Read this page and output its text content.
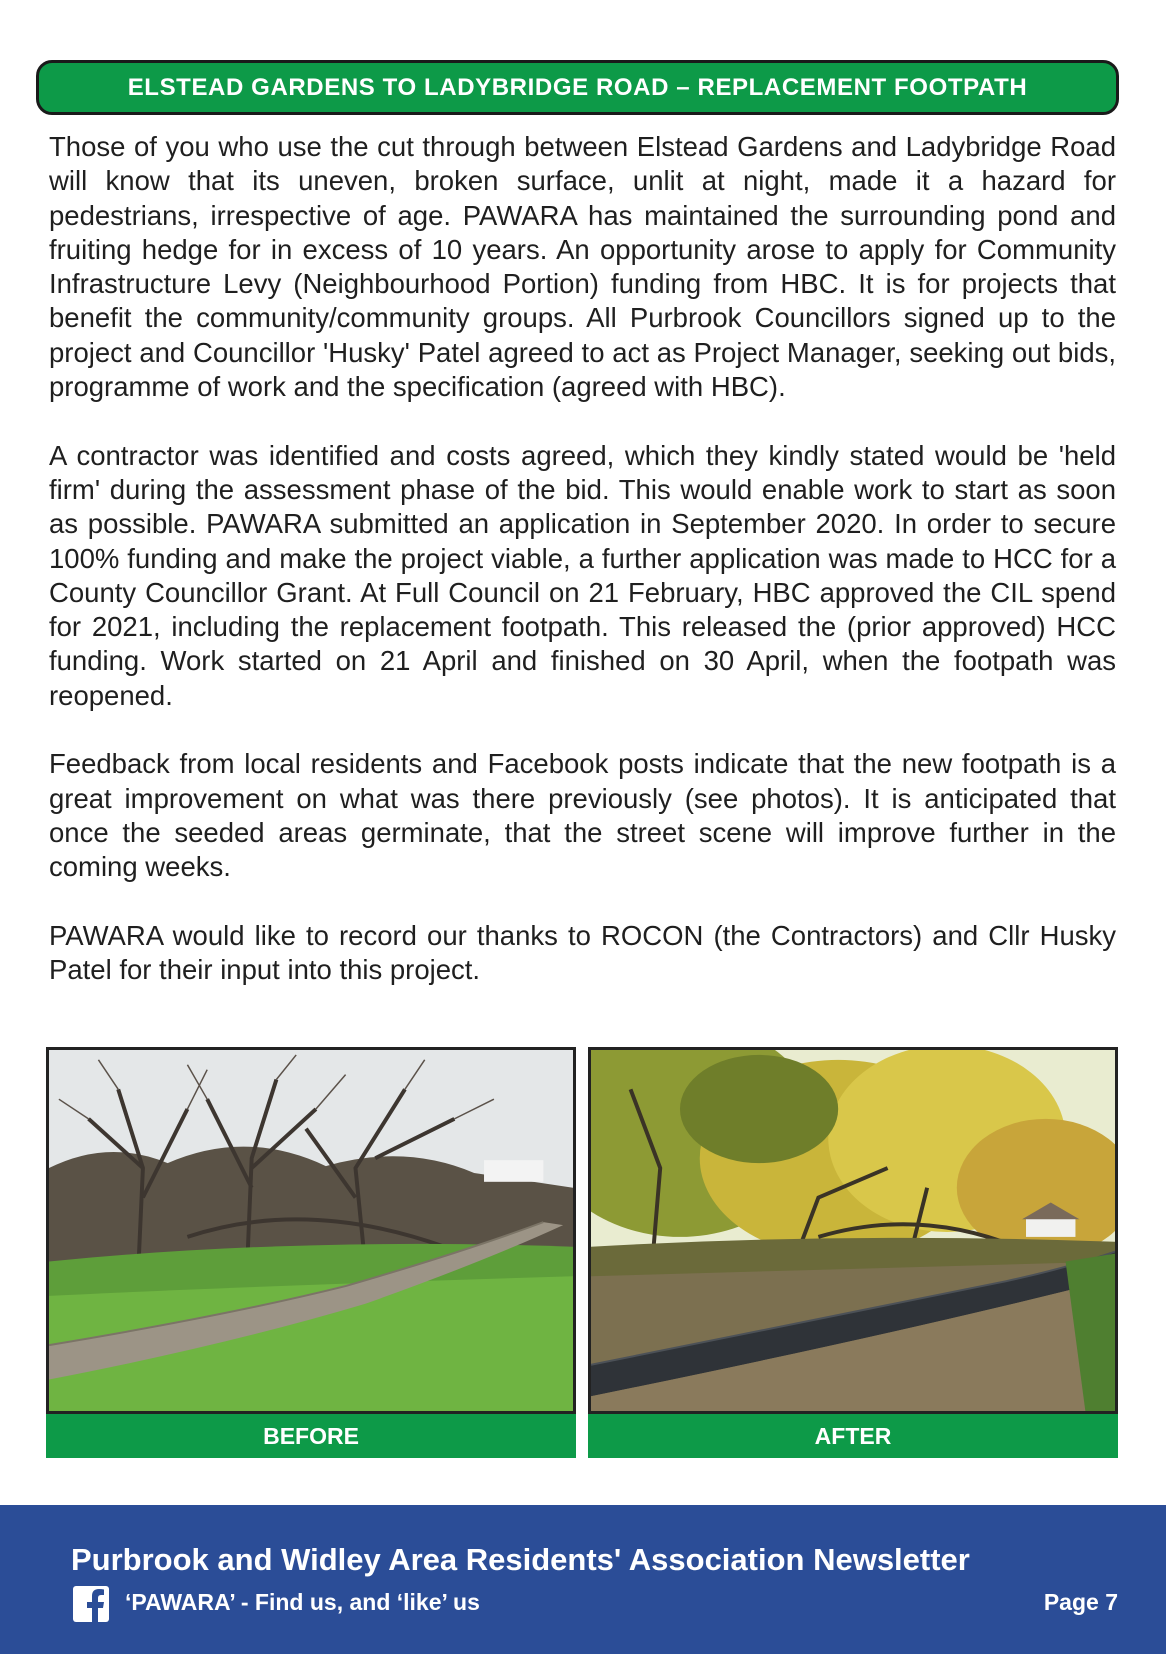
ELSTEAD GARDENS TO LADYBRIDGE ROAD – REPLACEMENT FOOTPATH

Those of you who use the cut through between Elstead Gardens and Ladybridge Road will know that its uneven, broken surface, unlit at night, made it a hazard for pedestrians, irrespective of age. PAWARA has maintained the surrounding pond and fruiting hedge for in excess of 10 years. An opportunity arose to apply for Community Infrastructure Levy (Neighbourhood Portion) funding from HBC. It is for projects that benefit the community/community groups. All Purbrook Councillors signed up to the project and Councillor 'Husky' Patel agreed to act as Project Manager, seeking out bids, programme of work and the specification (agreed with HBC).

A contractor was identified and costs agreed, which they kindly stated would be 'held firm' during the assessment phase of the bid. This would enable work to start as soon as possible. PAWARA submitted an application in September 2020. In order to secure 100% funding and make the project viable, a further application was made to HCC for a County Councillor Grant. At Full Council on 21 February, HBC approved the CIL spend for 2021, including the replacement footpath. This released the (prior approved) HCC funding. Work started on 21 April and finished on 30 April, when the footpath was reopened.

Feedback from local residents and Facebook posts indicate that the new footpath is a great improvement on what was there previously (see photos). It is anticipated that once the seeded areas germinate, that the street scene will improve further in the coming weeks.

PAWARA would like to record our thanks to ROCON (the Contractors) and Cllr Husky Patel for their input into this project.

BEFORE	AFTER
Purbrook and Widley Area Residents' Association Newsletter
‘PAWARA’ - Find us, and ‘like’ us	Page 7
